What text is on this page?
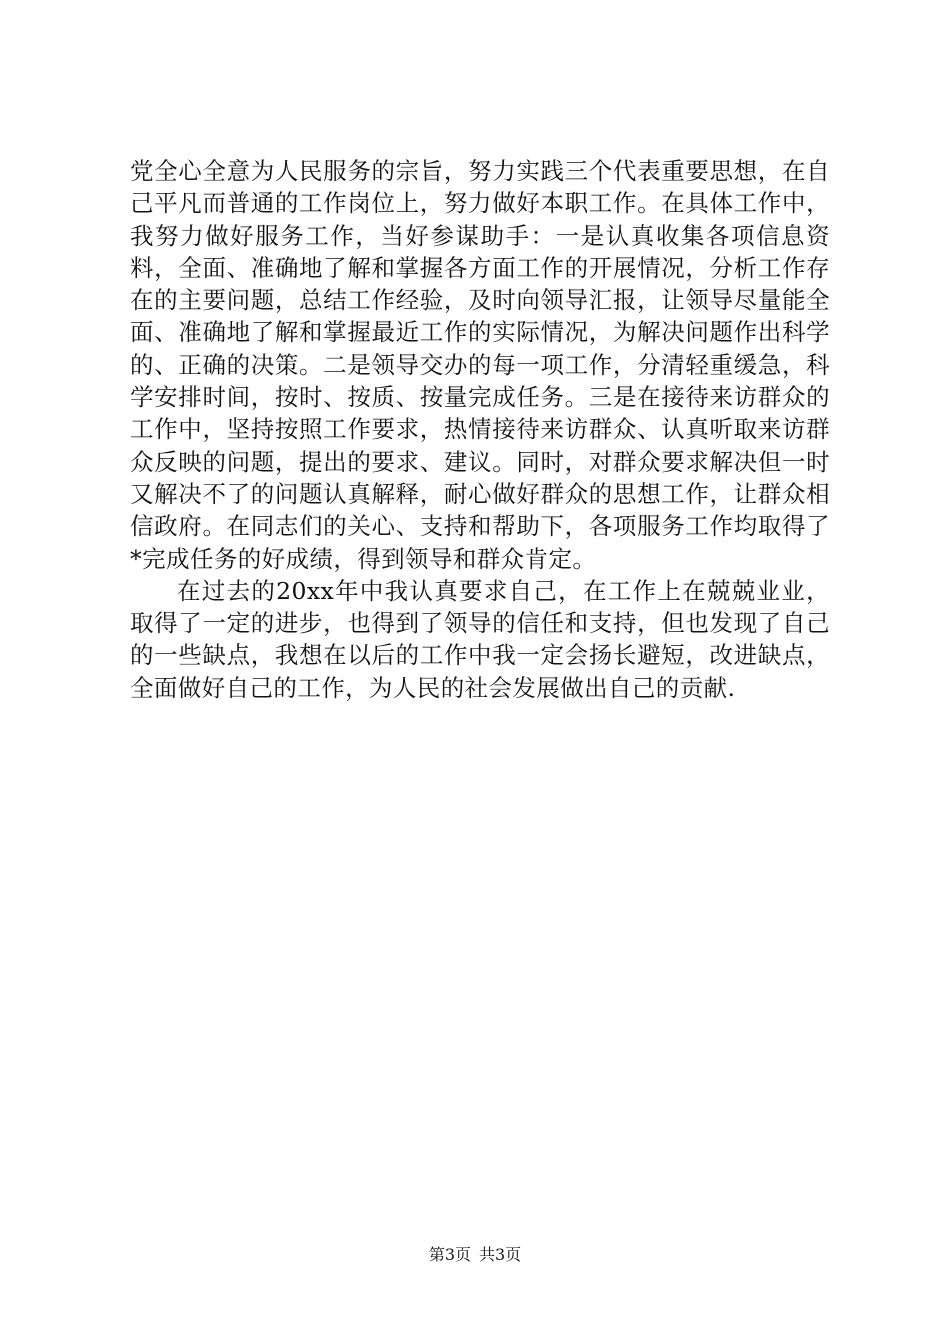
党全心全意为人民服务的宗旨，努力实践三个代表重要思想，在自己平凡而普通的工作岗位上，努力做好本职工作。在具体工作中，我努力做好服务工作，当好参谋助手：一是认真收集各项信息资料，全面、准确地了解和掌握各方面工作的开展情况，分析工作存在的主要问题，总结工作经验，及时向领导汇报，让领导尽量能全面、准确地了解和掌握最近工作的实际情况，为解决问题作出科学的、正确的决策。二是领导交办的每一项工作，分清轻重缓急，科学安排时间，按时、按质、按量完成任务。三是在接待来访群众的工作中，坚持按照工作要求，热情接待来访群众、认真听取来访群众反映的问题，提出的要求、建议。同时，对群众要求解决但一时又解决不了的问题认真解释，耐心做好群众的思想工作，让群众相信政府。在同志们的关心、支持和帮助下，各项服务工作均取得了*完成任务的好成绩，得到领导和群众肯定。

在过去的20xx年中我认真要求自己，在工作上在兢兢业业，取得了一定的进步，也得到了领导的信任和支持，但也发现了自己的一些缺点，我想在以后的工作中我一定会扬长避短，改进缺点，全面做好自己的工作，为人民的社会发展做出自己的贡献.

第3页 共3页
